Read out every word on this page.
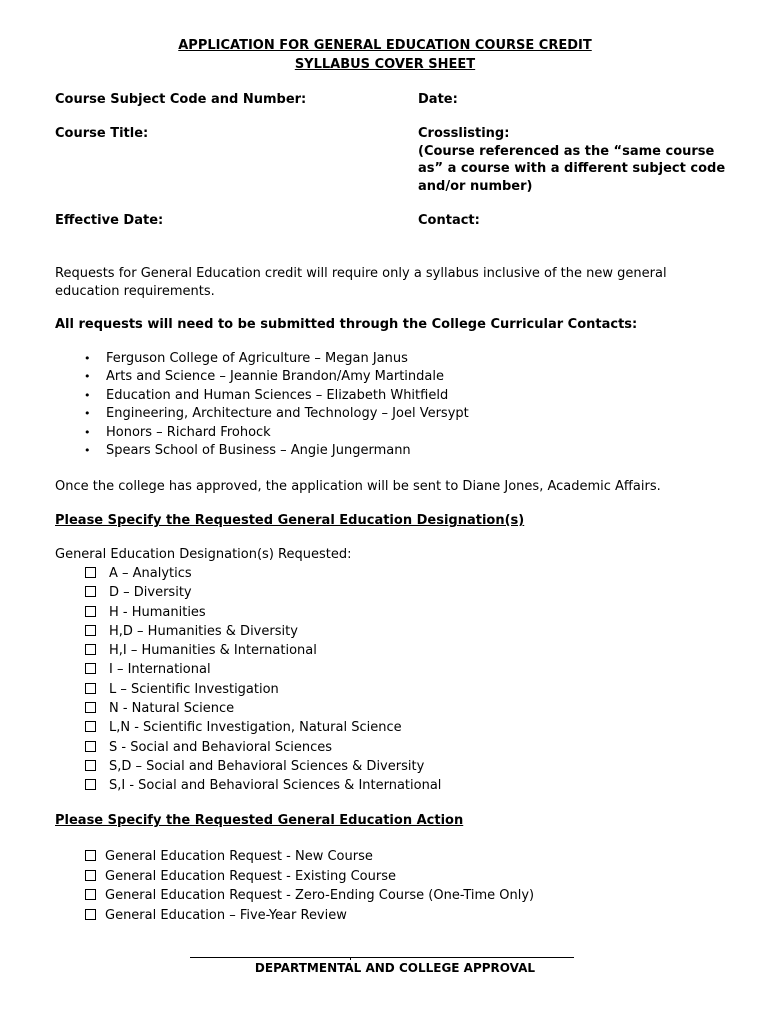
APPLICATION FOR GENERAL EDUCATION COURSE CREDIT
SYLLABUS COVER SHEET
Course Subject Code and Number:	Date:
Course Title:	Crosslisting:
(Course referenced as the “same course
as” a course with a different subject code
and/or number)
Effective Date:	Contact:
Requests for General Education credit will require only a syllabus inclusive of the new general
education requirements.
All requests will need to be submitted through the College Curricular Contacts:
• Ferguson College of Agriculture – Megan Janus
• Arts and Science – Jeannie Brandon/Amy Martindale
• Education and Human Sciences – Elizabeth Whitfield
• Engineering, Architecture and Technology – Joel Versypt
• Honors – Richard Frohock
• Spears School of Business – Angie Jungermann
Once the college has approved, the application will be sent to Diane Jones, Academic Affairs.
Please Specify the Requested General Education Designation(s)
General Education Designation(s) Requested:
A – Analytics
D – Diversity
H - Humanities
H,D – Humanities & Diversity
H,I – Humanities & International
I – International
L – Scientific Investigation
N - Natural Science
L,N - Scientific Investigation, Natural Science
S - Social and Behavioral Sciences
S,D – Social and Behavioral Sciences & Diversity
S,I - Social and Behavioral Sciences & International
Please Specify the Requested General Education Action
General Education Request - New Course
General Education Request - Existing Course
General Education Request - Zero-Ending Course (One-Time Only)
General Education – Five-Year Review
DEPARTMENTAL AND COLLEGE APPROVAL
